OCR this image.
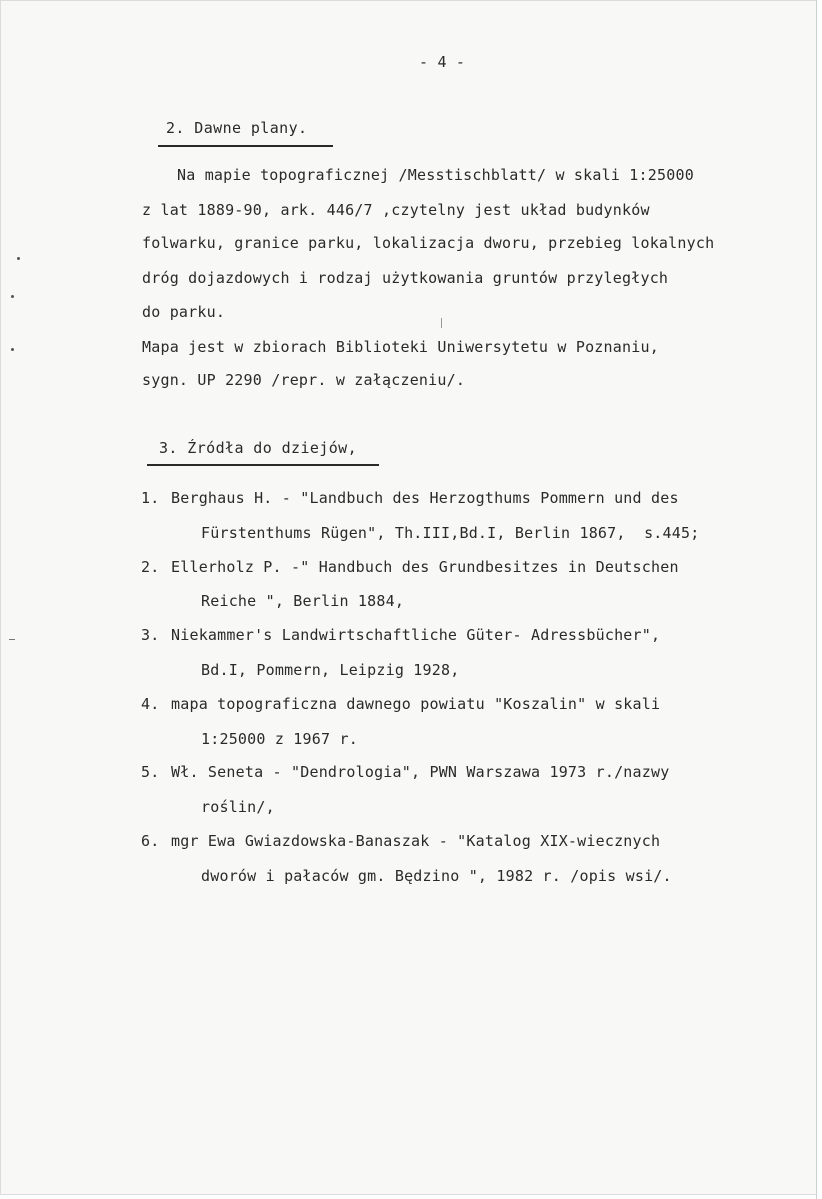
- 4 -
2. Dawne plany.
Na mapie topograficznej /Messtischblatt/ w skali 1:25000
z lat 1889-90, ark. 446/7 ,czytelny jest układ budynków
folwarku, granice parku, lokalizacja dworu, przebieg lokalnych
dróg dojazdowych i rodzaj użytkowania gruntów przyległych
do parku.
Mapa jest w zbiorach Biblioteki Uniwersytetu w Poznaniu,
sygn. UP 2290 /repr. w załączeniu/.
3. Źródła do dziejów,
1. Berghaus H. - "Landbuch des Herzogthums Pommern und des
Fürstenthums Rügen", Th.III,Bd.I, Berlin 1867,  s.445;
2. Ellerholz P. -" Handbuch des Grundbesitzes in Deutschen
Reiche ", Berlin 1884,
3. Niekammer's Landwirtschaftliche Güter- Adressbücher",
Bd.I, Pommern, Leipzig 1928,
4. mapa topograficzna dawnego powiatu "Koszalin" w skali
1:25000 z 1967 r.
5. Wł. Seneta - "Dendrologia", PWN Warszawa 1973 r./nazwy
roślin/,
6. mgr Ewa Gwiazdowska-Banaszak - "Katalog XIX-wiecznych
dworów i pałaców gm. Będzino ", 1982 r. /opis wsi/.
